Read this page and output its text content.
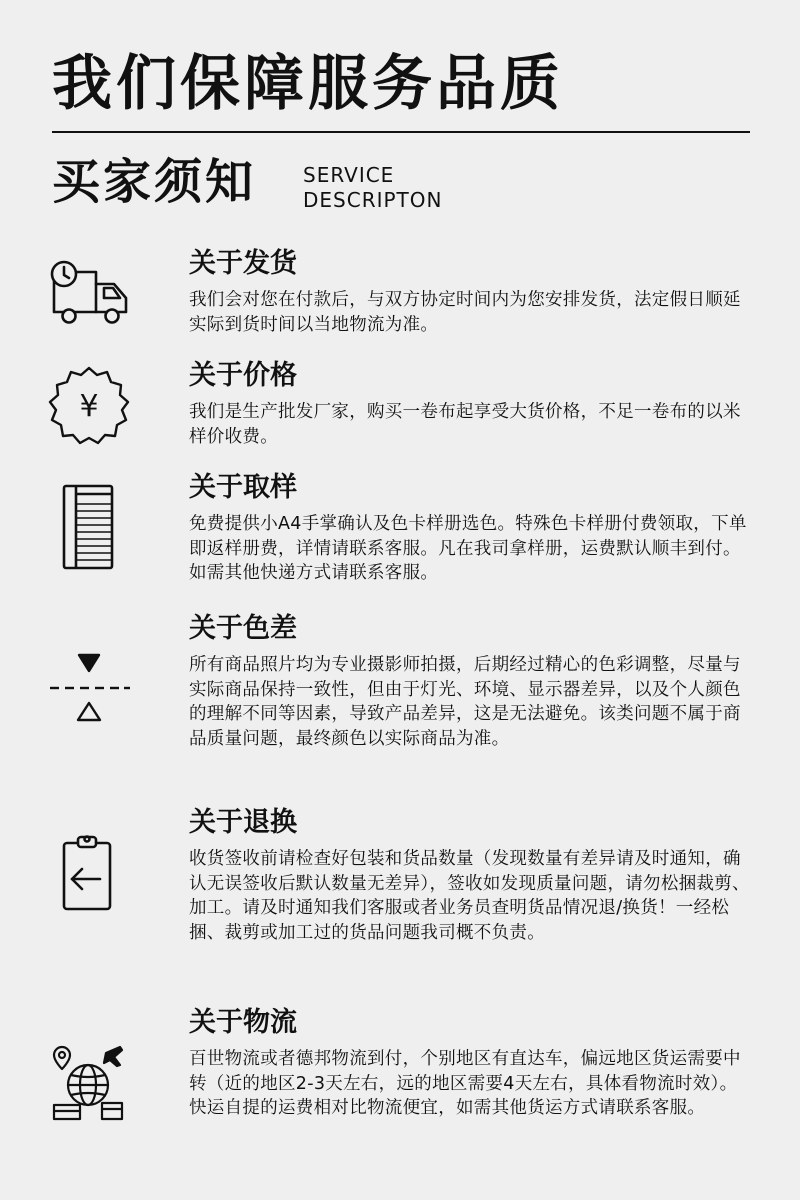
我们保障服务品质
买家须知 SERVICE
DESCRIPTON
关于发货
我们会对您在付款后，与双方协定时间内为您安排发货，法定假日顺延实际到货时间以当地物流为准。
¥
关于价格
我们是生产批发厂家，购买一卷布起享受大货价格，不足一卷布的以米样价收费。
关于取样
免费提供小A4手掌确认及色卡样册选色。特殊色卡样册付费领取，下单即返样册费，详情请联系客服。凡在我司拿样册，运费默认顺丰到付。如需其他快递方式请联系客服。
关于色差
所有商品照片均为专业摄影师拍摄，后期经过精心的色彩调整，尽量与实际商品保持一致性，但由于灯光、环境、显示器差异，以及个人颜色的理解不同等因素，导致产品差异，这是无法避免。该类问题不属于商品质量问题，最终颜色以实际商品为准。
关于退换
收货签收前请检查好包装和货品数量（发现数量有差异请及时通知，确认无误签收后默认数量无差异），签收如发现质量问题，请勿松捆裁剪、加工。请及时通知我们客服或者业务员查明货品情况退/换货！一经松捆、裁剪或加工过的货品问题我司概不负责。
关于物流
百世物流或者德邦物流到付，个别地区有直达车，偏远地区货运需要中转（近的地区2-3天左右，远的地区需要4天左右，具体看物流时效）。快运自提的运费相对比物流便宜，如需其他货运方式请联系客服。
